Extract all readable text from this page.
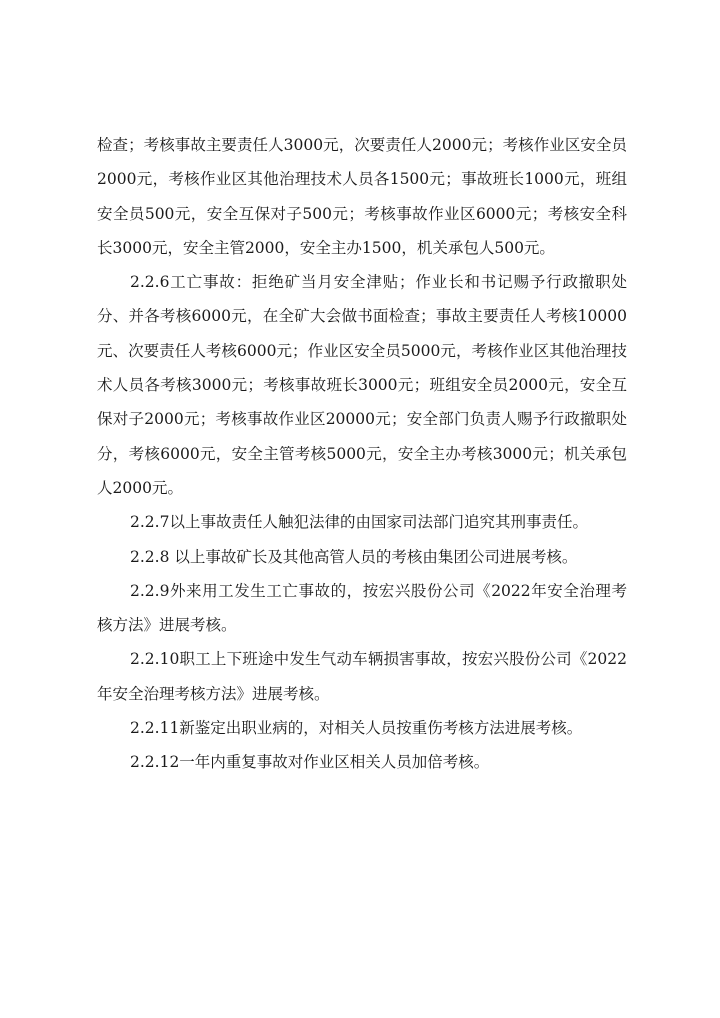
检查；考核事故主要责任人3000元，次要责任人2000元；考核作业区安全员2000元，考核作业区其他治理技术人员各1500元；事故班长1000元，班组安全员500元，安全互保对子500元；考核事故作业区6000元；考核安全科长3000元，安全主管2000，安全主办1500，机关承包人500元。

2.2.6工亡事故：拒绝矿当月安全津贴；作业长和书记赐予行政撤职处分、并各考核6000元，在全矿大会做书面检查；事故主要责任人考核10000元、次要责任人考核6000元；作业区安全员5000元，考核作业区其他治理技术人员各考核3000元；考核事故班长3000元；班组安全员2000元，安全互保对子2000元；考核事故作业区20000元；安全部门负责人赐予行政撤职处分，考核6000元，安全主管考核5000元，安全主办考核3000元；机关承包人2000元。

2.2.7以上事故责任人触犯法律的由国家司法部门追究其刑事责任。

2.2.8 以上事故矿长及其他高管人员的考核由集团公司进展考核。

2.2.9外来用工发生工亡事故的，按宏兴股份公司《2022年安全治理考核方法》进展考核。

2.2.10职工上下班途中发生气动车辆损害事故，按宏兴股份公司《2022年安全治理考核方法》进展考核。

2.2.11新鉴定出职业病的，对相关人员按重伤考核方法进展考核。

2.2.12一年内重复事故对作业区相关人员加倍考核。
